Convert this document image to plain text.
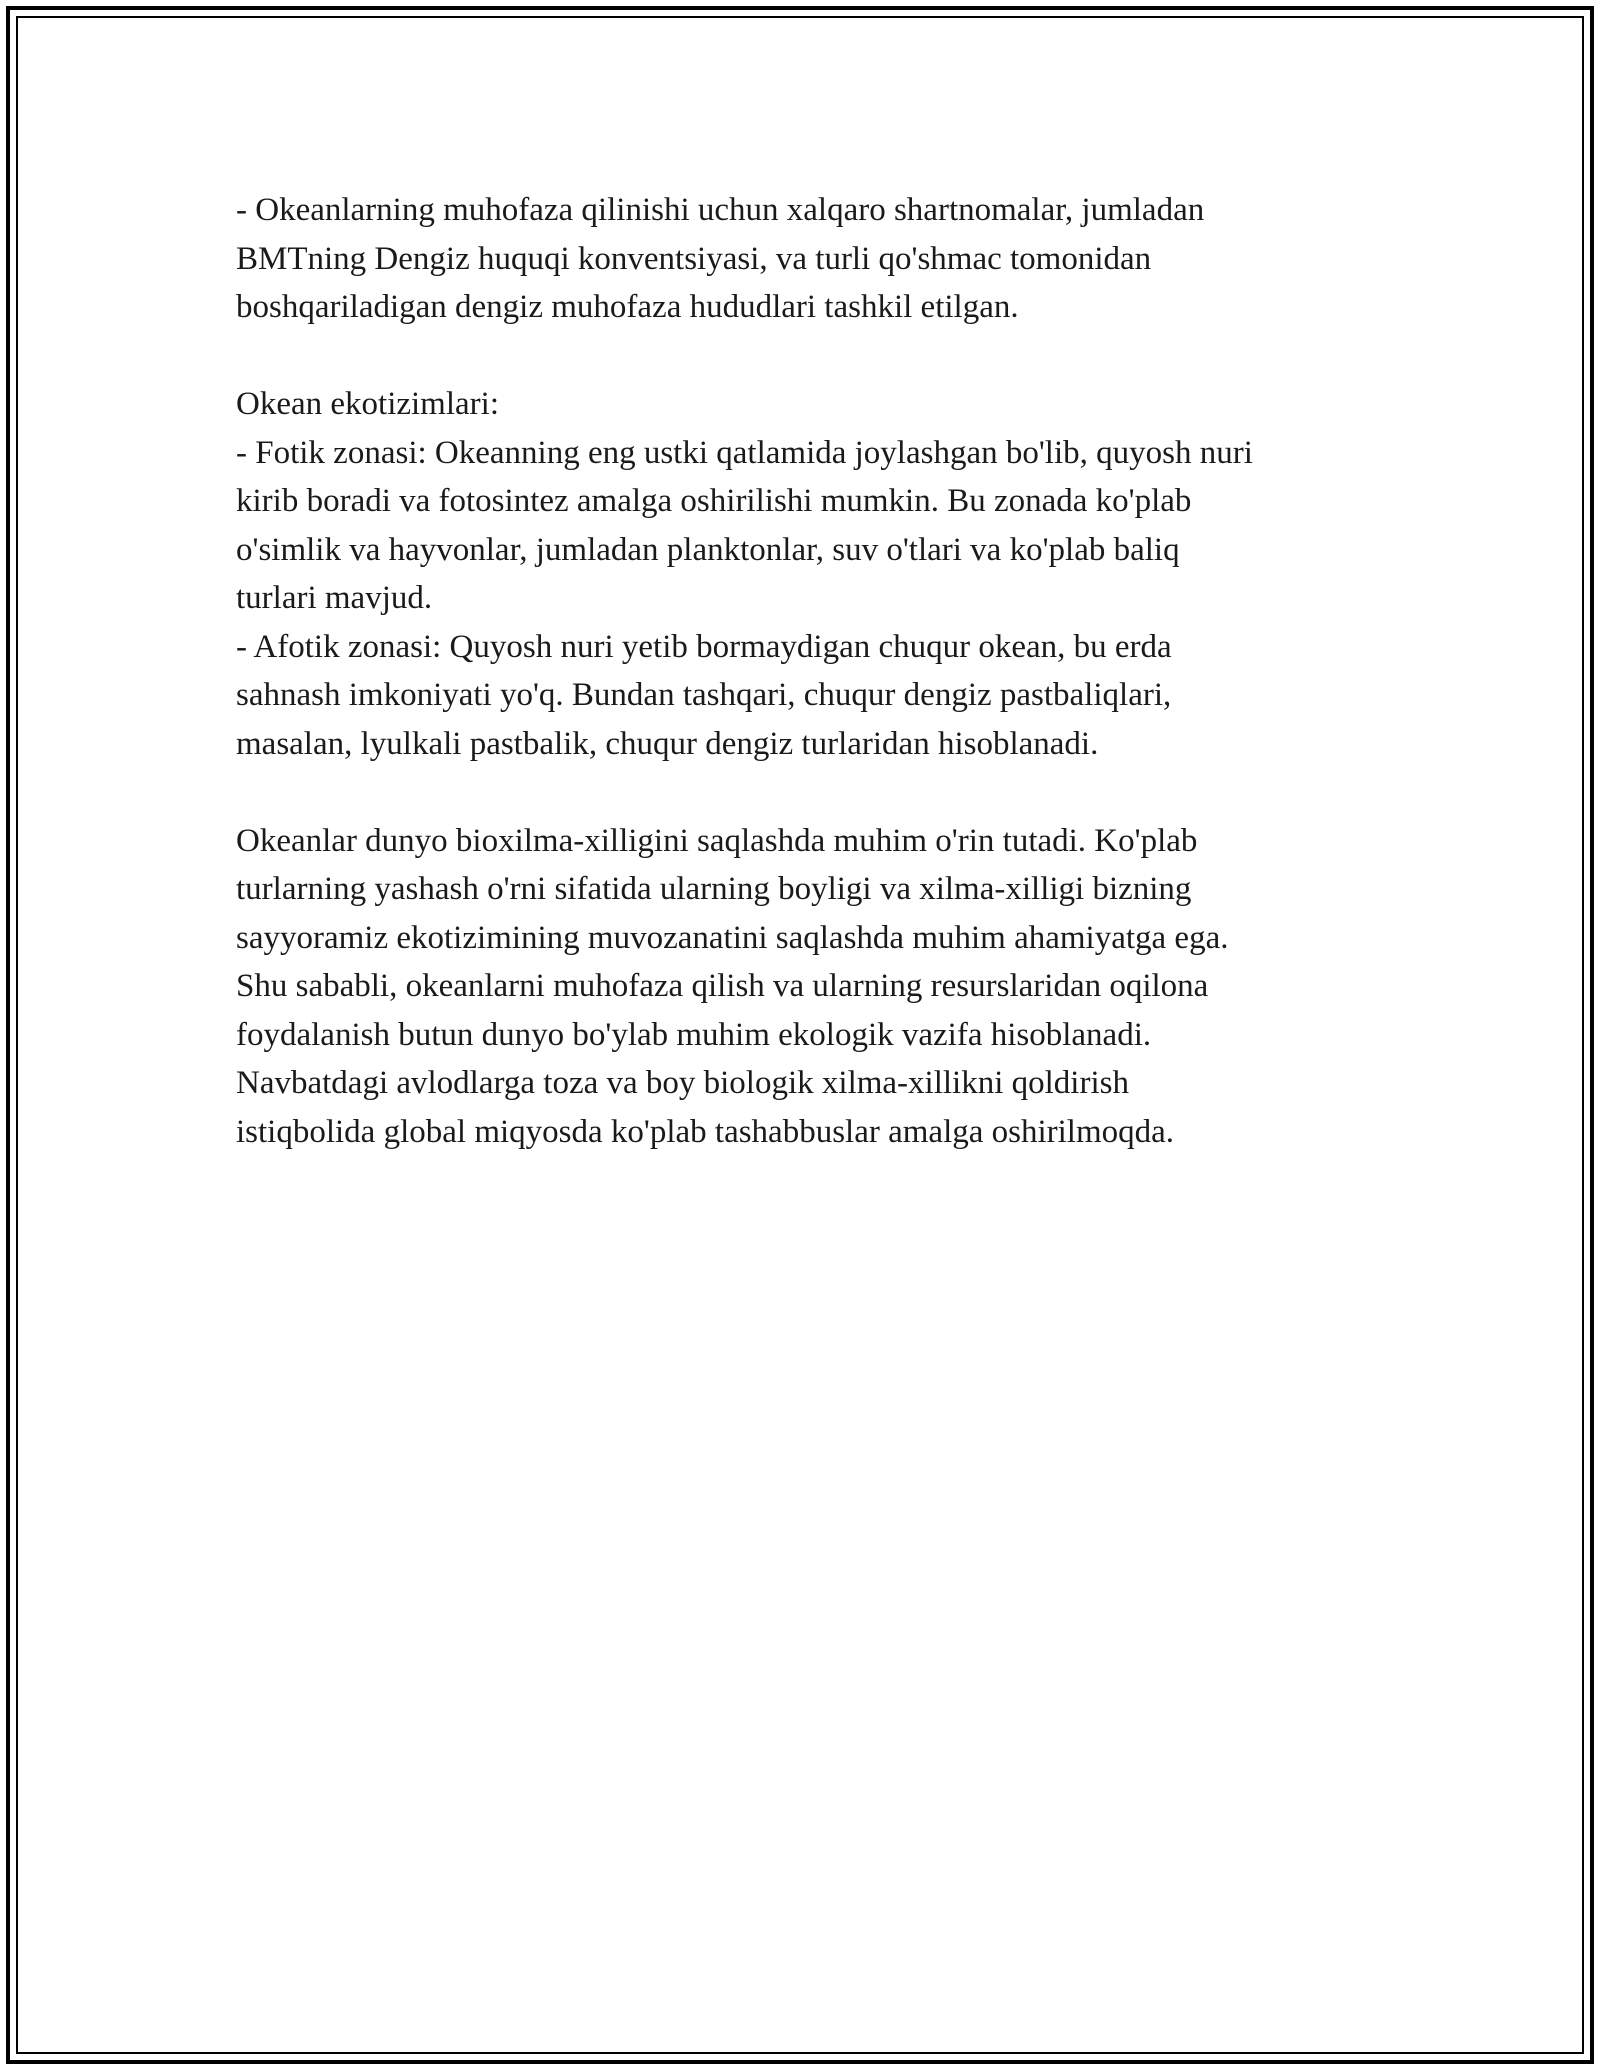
- Okeanlarning muhofaza qilinishi uchun xalqaro shartnomalar, jumladan
BMTning Dengiz huquqi konventsiyasi, va turli qo'shmac tomonidan
boshqariladigan dengiz muhofaza hududlari tashkil etilgan.
Okean ekotizimlari:
- Fotik zonasi: Okeanning eng ustki qatlamida joylashgan bo'lib, quyosh nuri
kirib boradi va fotosintez amalga oshirilishi mumkin. Bu zonada ko'plab
o'simlik va hayvonlar, jumladan planktonlar, suv o'tlari va ko'plab baliq
turlari mavjud.
- Afotik zonasi: Quyosh nuri yetib bormaydigan chuqur okean, bu erda
sahnash imkoniyati yo'q. Bundan tashqari, chuqur dengiz pastbaliqlari,
masalan, lyulkali pastbalik, chuqur dengiz turlaridan hisoblanadi.
Okeanlar dunyo bioxilma-xilligini saqlashda muhim o'rin tutadi. Ko'plab
turlarning yashash o'rni sifatida ularning boyligi va xilma-xilligi bizning
sayyoramiz ekotizimining muvozanatini saqlashda muhim ahamiyatga ega.
Shu sababli, okeanlarni muhofaza qilish va ularning resurslaridan oqilona
foydalanish butun dunyo bo'ylab muhim ekologik vazifa hisoblanadi.
Navbatdagi avlodlarga toza va boy biologik xilma-xillikni qoldirish
istiqbolida global miqyosda ko'plab tashabbuslar amalga oshirilmoqda.
